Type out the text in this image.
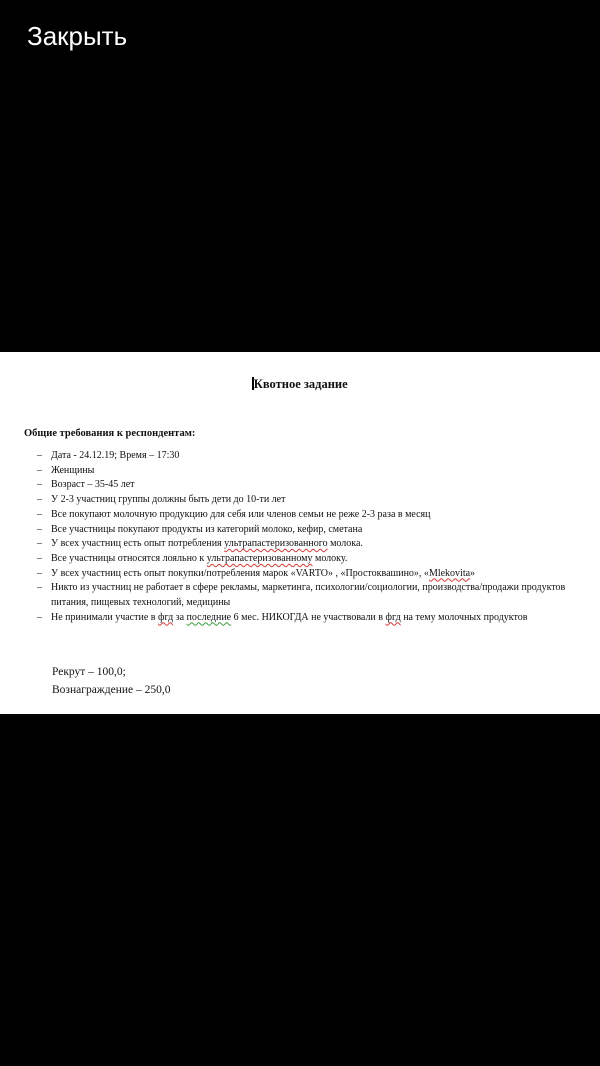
Закрыть
Квотное задание
Общие требования к респондентам:
– Дата - 24.12.19; Время – 17:30
– Женщины
– Возраст – 35-45 лет
– У 2-3 участниц группы должны быть дети до 10-ти лет
– Все покупают молочную продукцию для себя или членов семьи не реже 2-3 раза в месяц
– Все участницы покупают продукты из категорий молоко, кефир, сметана
– У всех участниц есть опыт потребления ультрапастеризованного молока.
– Все участницы относятся лояльно к ультрапастеризованному молоку.
– У всех участниц есть опыт покупки/потребления марок «VARTO» , «Простоквашино», «Mlekovita»
– Никто из участниц не работает в сфере рекламы, маркетинга, психологии/социологии, производства/продажи продуктов питания, пищевых технологий, медицины
– Не принимали участие в фгд за последние 6 мес. НИКОГДА не участвовали в фгд на тему молочных продуктов
Рекрут – 100,0;
Вознаграждение – 250,0
